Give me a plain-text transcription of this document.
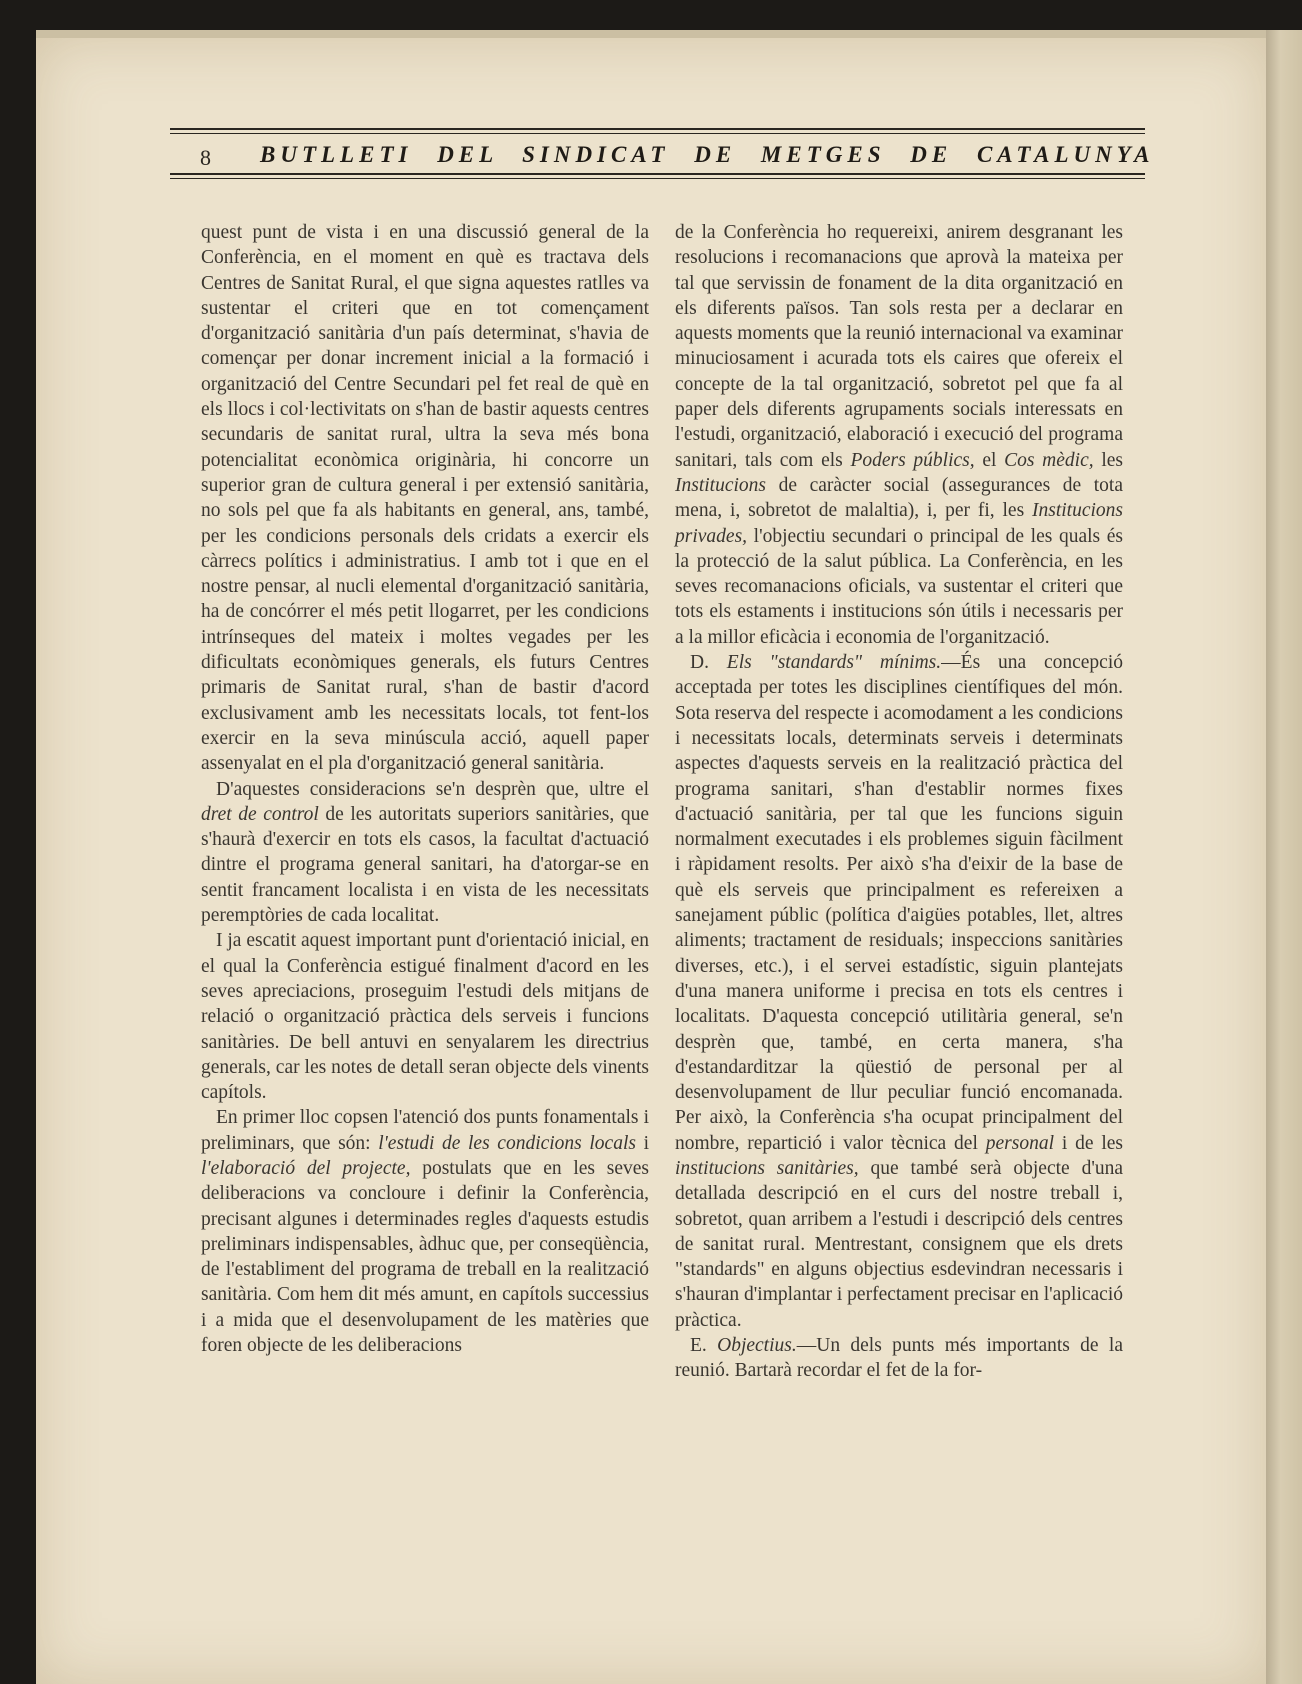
8 BUTLLETI DEL SINDICAT DE METGES DE CATALUNYA

quest punt de vista i en una discussió general de la Conferència, en el moment en què es tractava dels Centres de Sanitat Rural, el que signa aquestes ratlles va sustentar el criteri que en tot començament d'organització sanitària d'un país determinat, s'havia de començar per donar increment inicial a la formació i organització del Centre Secundari pel fet real de què en els llocs i col·lectivitats on s'han de bastir aquests centres secundaris de sanitat rural, ultra la seva més bona potencialitat econòmica originària, hi concorre un superior gran de cultura general i per extensió sanitària, no sols pel que fa als habitants en general, ans, també, per les condicions personals dels cridats a exercir els càrrecs polítics i administratius. I amb tot i que en el nostre pensar, al nucli elemental d'organització sanitària, ha de concórrer el més petit llogarret, per les condicions intrínseques del mateix i moltes vegades per les dificultats econòmiques generals, els futurs Centres primaris de Sanitat rural, s'han de bastir d'acord exclusivament amb les necessitats locals, tot fent-los exercir en la seva minúscula acció, aquell paper assenyalat en el pla d'organització general sanitària.

D'aquestes consideracions se'n desprèn que, ultre el dret de control de les autoritats superiors sanitàries, que s'haurà d'exercir en tots els casos, la facultat d'actuació dintre el programa general sanitari, ha d'atorgar-se en sentit francament localista i en vista de les necessitats peremptòries de cada localitat.

I ja escatit aquest important punt d'orientació inicial, en el qual la Conferència estigué finalment d'acord en les seves apreciacions, proseguim l'estudi dels mitjans de relació o organització pràctica dels serveis i funcions sanitàries. De bell antuvi en senyalarem les directrius generals, car les notes de detall seran objecte dels vinents capítols.

En primer lloc copsen l'atenció dos punts fonamentals i preliminars, que són: l'estudi de les condicions locals i l'elaboració del projecte, postulats que en les seves deliberacions va concloure i definir la Conferència, precisant algunes i determinades regles d'aquests estudis preliminars indispensables, àdhuc que, per conseqüència, de l'establiment del programa de treball en la realització sanitària. Com hem dit més amunt, en capítols successius i a mida que el desenvolupament de les matèries que foren objecte de les deliberacions

de la Conferència ho requereixi, anirem desgranant les resolucions i recomanacions que aprovà la mateixa per tal que servissin de fonament de la dita organització en els diferents països. Tan sols resta per a declarar en aquests moments que la reunió internacional va examinar minuciosament i acurada tots els caires que ofereix el concepte de la tal organització, sobretot pel que fa al paper dels diferents agrupaments socials interessats en l'estudi, organització, elaboració i execució del programa sanitari, tals com els Poders públics, el Cos mèdic, les Institucions de caràcter social (assegurances de tota mena, i, sobretot de malaltia), i, per fi, les Institucions privades, l'objectiu secundari o principal de les quals és la protecció de la salut pública. La Conferència, en les seves recomanacions oficials, va sustentar el criteri que tots els estaments i institucions són útils i necessaris per a la millor eficàcia i economia de l'organització.

D. Els "standards" mínims.—És una concepció acceptada per totes les disciplines científiques del món. Sota reserva del respecte i acomodament a les condicions i necessitats locals, determinats serveis i determinats aspectes d'aquests serveis en la realització pràctica del programa sanitari, s'han d'establir normes fixes d'actuació sanitària, per tal que les funcions siguin normalment executades i els problemes siguin fàcilment i ràpidament resolts. Per això s'ha d'eixir de la base de què els serveis que principalment es refereixen a sanejament públic (política d'aigües potables, llet, altres aliments; tractament de residuals; inspeccions sanitàries diverses, etc.), i el servei estadístic, siguin plantejats d'una manera uniforme i precisa en tots els centres i localitats. D'aquesta concepció utilitària general, se'n desprèn que, també, en certa manera, s'ha d'estandarditzar la qüestió de personal per al desenvolupament de llur peculiar funció encomanada. Per això, la Conferència s'ha ocupat principalment del nombre, repartició i valor tècnica del personal i de les institucions sanitàries, que també serà objecte d'una detallada descripció en el curs del nostre treball i, sobretot, quan arribem a l'estudi i descripció dels centres de sanitat rural. Mentrestant, consignem que els drets "standards" en alguns objectius esdevindran necessaris i s'hauran d'implantar i perfectament precisar en l'aplicació pràctica.

E. Objectius.—Un dels punts més importants de la reunió. Bartarà recordar el fet de la for-
